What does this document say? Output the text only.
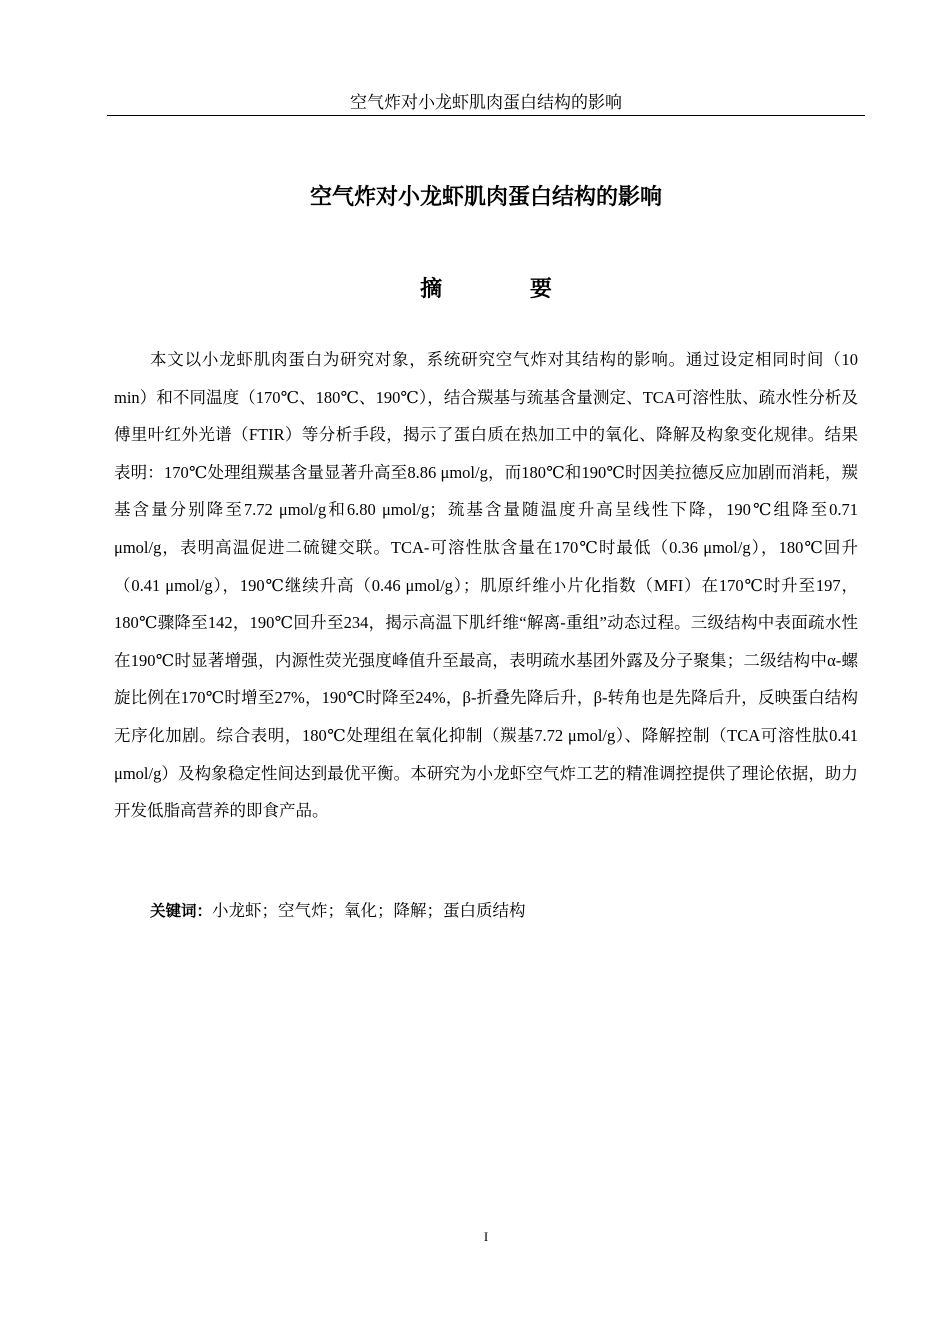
空气炸对小龙虾肌肉蛋白结构的影响
空气炸对小龙虾肌肉蛋白结构的影响
摘 要

本文以小龙虾肌肉蛋白为研究对象，系统研究空气炸对其结构的影响。通过设定相同时间（10 min）和不同温度（170℃、180℃、190℃），结合羰基与巯基含量测定、TCA可溶性肽、疏水性分析及傅里叶红外光谱（FTIR）等分析手段，揭示了蛋白质在热加工中的氧化、降解及构象变化规律。结果表明：170℃处理组羰基含量显著升高至8.86 μmol/g，而180℃和190℃时因美拉德反应加剧而消耗，羰基含量分别降至7.72 μmol/g和6.80 μmol/g；巯基含量随温度升高呈线性下降，190℃组降至0.71 μmol/g，表明高温促进二硫键交联。TCA-可溶性肽含量在170℃时最低（0.36 μmol/g），180℃回升（0.41 μmol/g），190℃继续升高（0.46 μmol/g）；肌原纤维小片化指数（MFI）在170℃时升至197，180℃骤降至142，190℃回升至234，揭示高温下肌纤维“解离-重组”动态过程。三级结构中表面疏水性在190℃时显著增强，内源性荧光强度峰值升至最高，表明疏水基团外露及分子聚集；二级结构中α-螺旋比例在170℃时增至27%，190℃时降至24%，β-折叠先降后升，β-转角也是先降后升，反映蛋白结构无序化加剧。综合表明，180℃处理组在氧化抑制（羰基7.72 μmol/g）、降解控制（TCA可溶性肽0.41 μmol/g）及构象稳定性间达到最优平衡。本研究为小龙虾空气炸工艺的精准调控提供了理论依据，助力开发低脂高营养的即食产品。

关键词：小龙虾；空气炸；氧化；降解；蛋白质结构

I
